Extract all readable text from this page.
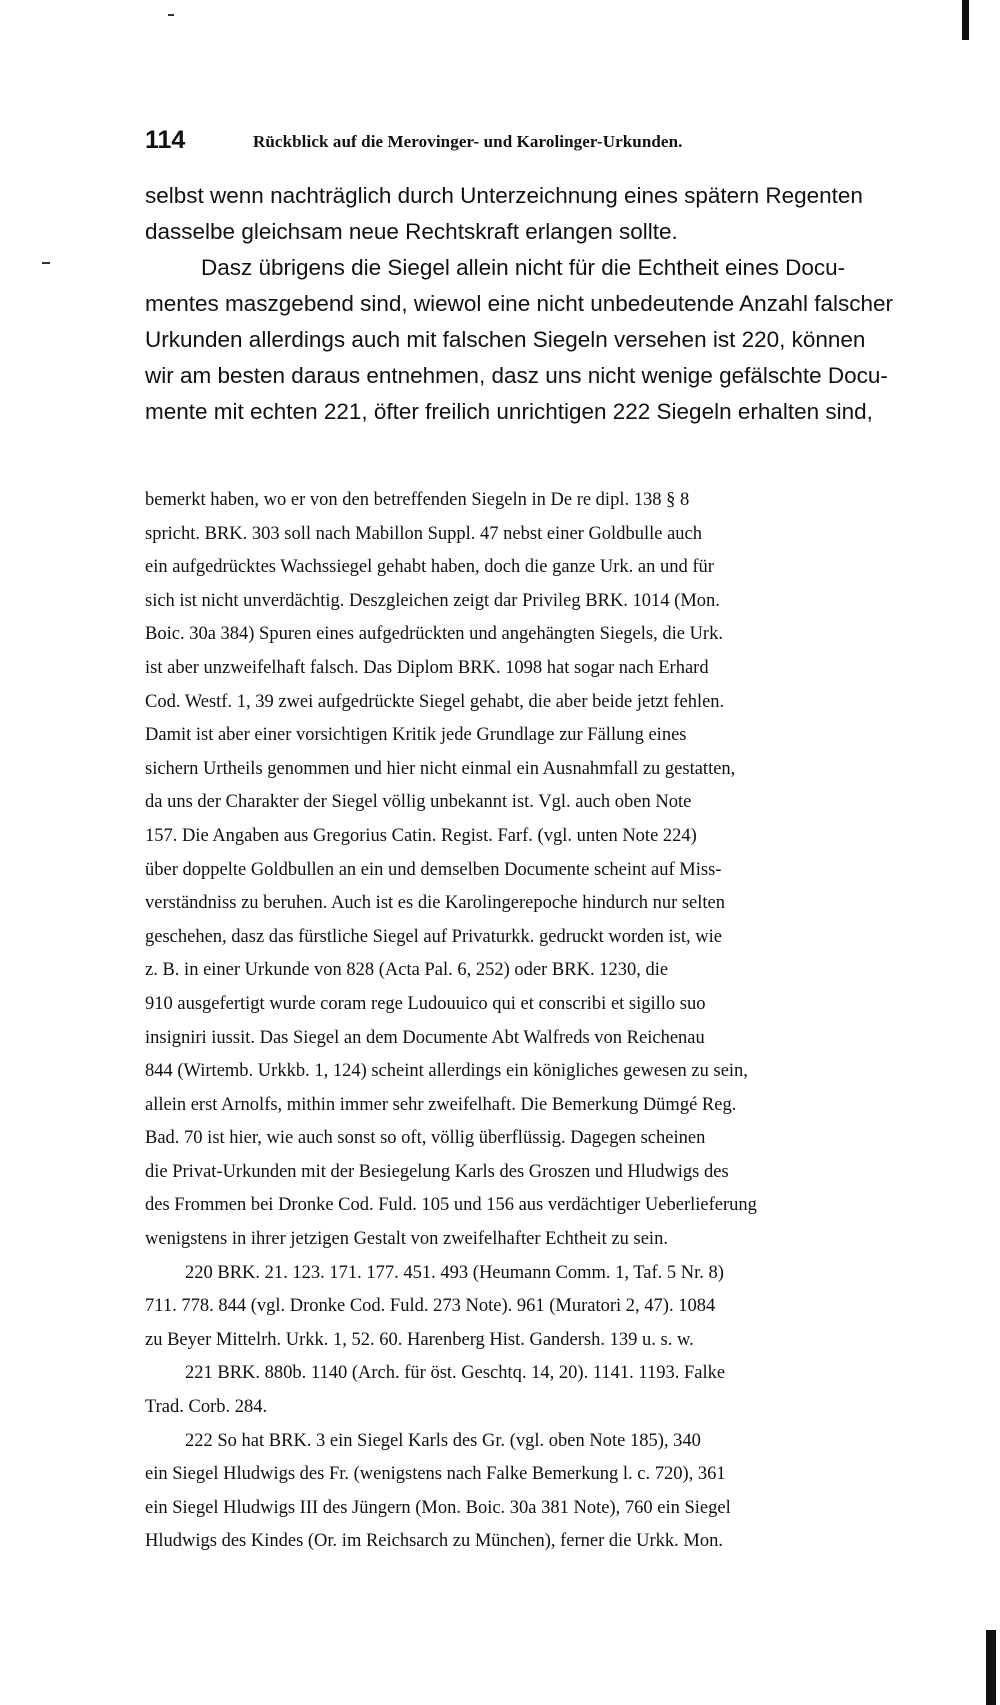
114	Rückblick auf die Merovinger- und Karolinger-Urkunden.
selbst wenn nachträglich durch Unterzeichnung eines spätern Regenten
dasselbe gleichsam neue Rechtskraft erlangen sollte.
Dasz übrigens die Siegel allein nicht für die Echtheit eines Docu-
mentes maszgebend sind, wiewol eine nicht unbedeutende Anzahl falscher
Urkunden allerdings auch mit falschen Siegeln versehen ist 220, können
wir am besten daraus entnehmen, dasz uns nicht wenige gefälschte Docu-
mente mit echten 221, öfter freilich unrichtigen 222 Siegeln erhalten sind,
bemerkt haben, wo er von den betreffenden Siegeln in De re dipl. 138 § 8
spricht. BRK. 303 soll nach Mabillon Suppl. 47 nebst einer Goldbulle auch
ein aufgedrücktes Wachssiegel gehabt haben, doch die ganze Urk. an und für
sich ist nicht unverdächtig. Deszgleichen zeigt dar Privileg BRK. 1014 (Mon.
Boic. 30a 384) Spuren eines aufgedrückten und angehängten Siegels, die Urk.
ist aber unzweifelhaft falsch. Das Diplom BRK. 1098 hat sogar nach Erhard
Cod. Westf. 1, 39 zwei aufgedrückte Siegel gehabt, die aber beide jetzt fehlen.
Damit ist aber einer vorsichtigen Kritik jede Grundlage zur Fällung eines
sichern Urtheils genommen und hier nicht einmal ein Ausnahmfall zu gestatten,
da uns der Charakter der Siegel völlig unbekannt ist. Vgl. auch oben Note
157. Die Angaben aus Gregorius Catin. Regist. Farf. (vgl. unten Note 224)
über doppelte Goldbullen an ein und demselben Documente scheint auf Miss-
verständniss zu beruhen. Auch ist es die Karolingerepoche hindurch nur selten
geschehen, dasz das fürstliche Siegel auf Privaturkk. gedruckt worden ist, wie
z. B. in einer Urkunde von 828 (Acta Pal. 6, 252) oder BRK. 1230, die
910 ausgefertigt wurde coram rege Ludouuico qui et conscribi et sigillo suo
insigniri iussit. Das Siegel an dem Documente Abt Walfreds von Reichenau
844 (Wirtemb. Urkkb. 1, 124) scheint allerdings ein königliches gewesen zu sein,
allein erst Arnolfs, mithin immer sehr zweifelhaft. Die Bemerkung Dümgé Reg.
Bad. 70 ist hier, wie auch sonst so oft, völlig überflüssig. Dagegen scheinen
die Privat-Urkunden mit der Besiegelung Karls des Groszen und Hludwigs des
des Frommen bei Dronke Cod. Fuld. 105 und 156 aus verdächtiger Ueberlieferung
wenigstens in ihrer jetzigen Gestalt von zweifelhafter Echtheit zu sein.
220 BRK. 21. 123. 171. 177. 451. 493 (Heumann Comm. 1, Taf. 5 Nr. 8)
711. 778. 844 (vgl. Dronke Cod. Fuld. 273 Note). 961 (Muratori 2, 47). 1084
zu Beyer Mittelrh. Urkk. 1, 52. 60. Harenberg Hist. Gandersh. 139 u. s. w.
221 BRK. 880b. 1140 (Arch. für öst. Geschtq. 14, 20). 1141. 1193. Falke
Trad. Corb. 284.
222 So hat BRK. 3 ein Siegel Karls des Gr. (vgl. oben Note 185), 340
ein Siegel Hludwigs des Fr. (wenigstens nach Falke Bemerkung l. c. 720), 361
ein Siegel Hludwigs III des Jüngern (Mon. Boic. 30a 381 Note), 760 ein Siegel
Hludwigs des Kindes (Or. im Reichsarch zu München), ferner die Urkk. Mon.
